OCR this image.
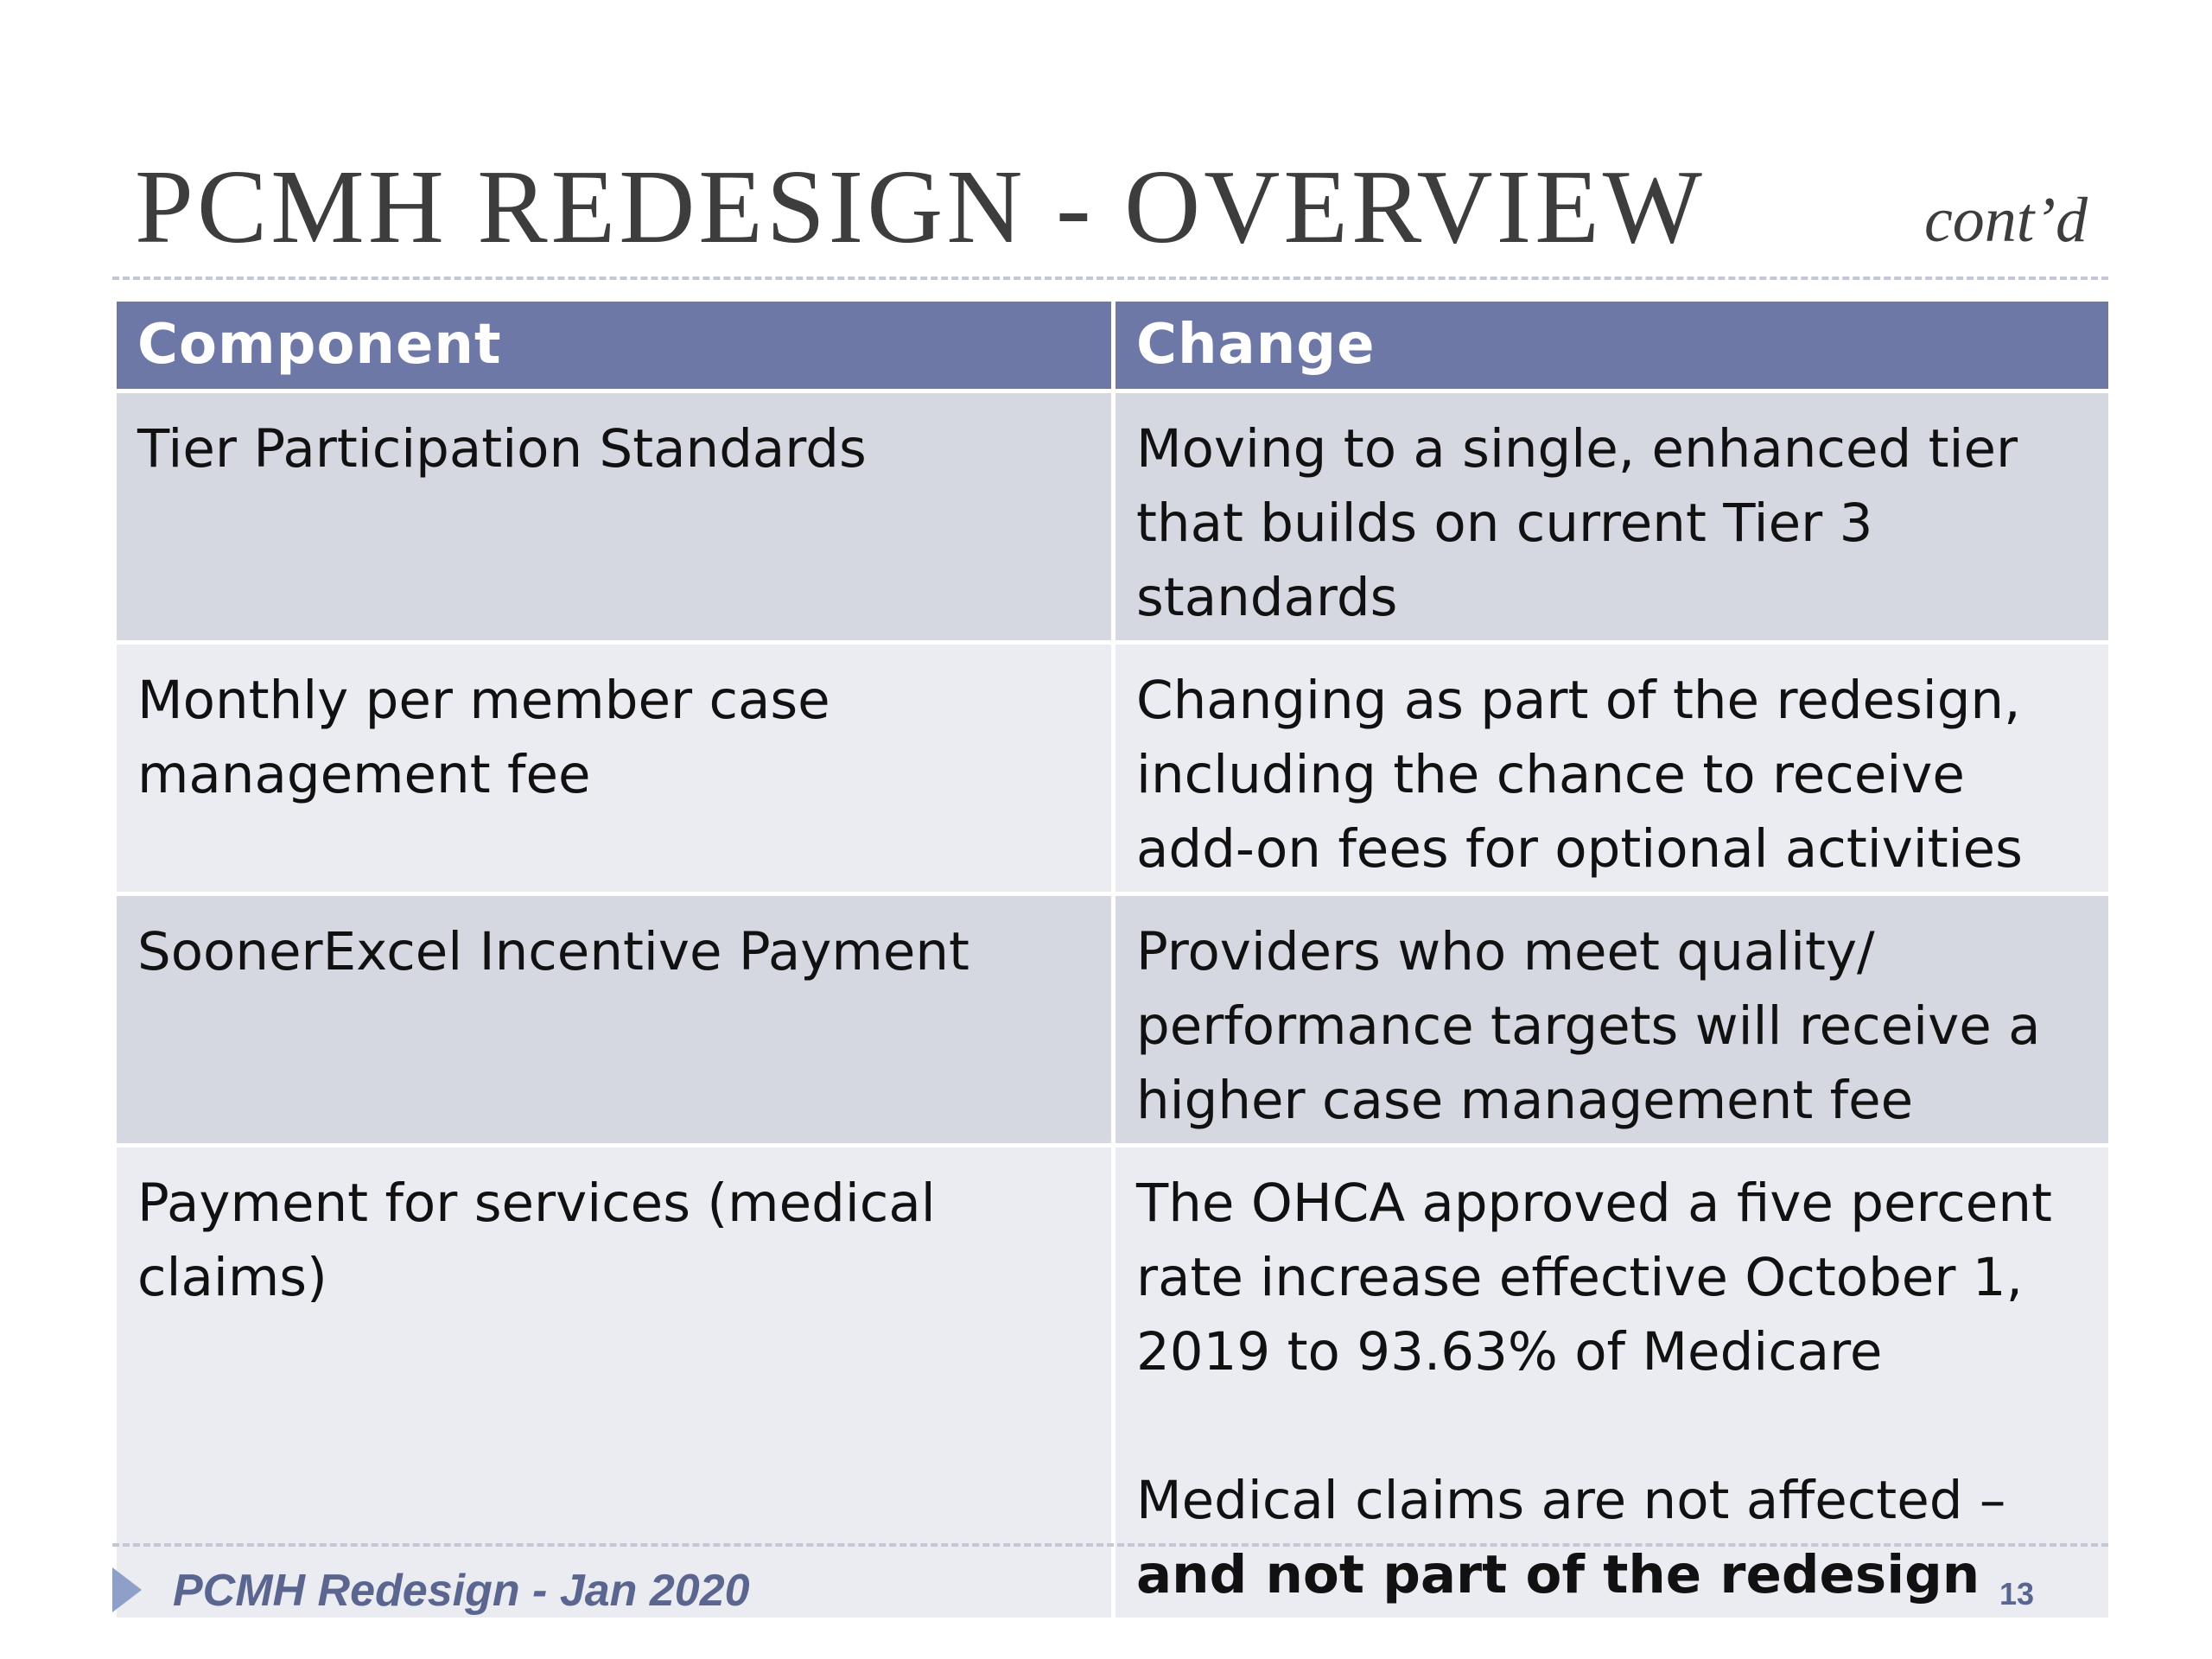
PCMH REDESIGN - OVERVIEW	cont’d
Component	Change
Tier Participation Standards	Moving to a single, enhanced tier that builds on current Tier 3 standards
Monthly per member case management fee	Changing as part of the redesign, including the chance to receive add-on fees for optional activities
SoonerExcel Incentive Payment	Providers who meet quality/ performance targets will receive a higher case management fee
Payment for services (medical claims)	The OHCA approved a five percent rate increase effective October 1, 2019 to 93.63% of Medicare
Medical claims are not affected – and not part of the redesign
PCMH Redesign - Jan 2020	13
